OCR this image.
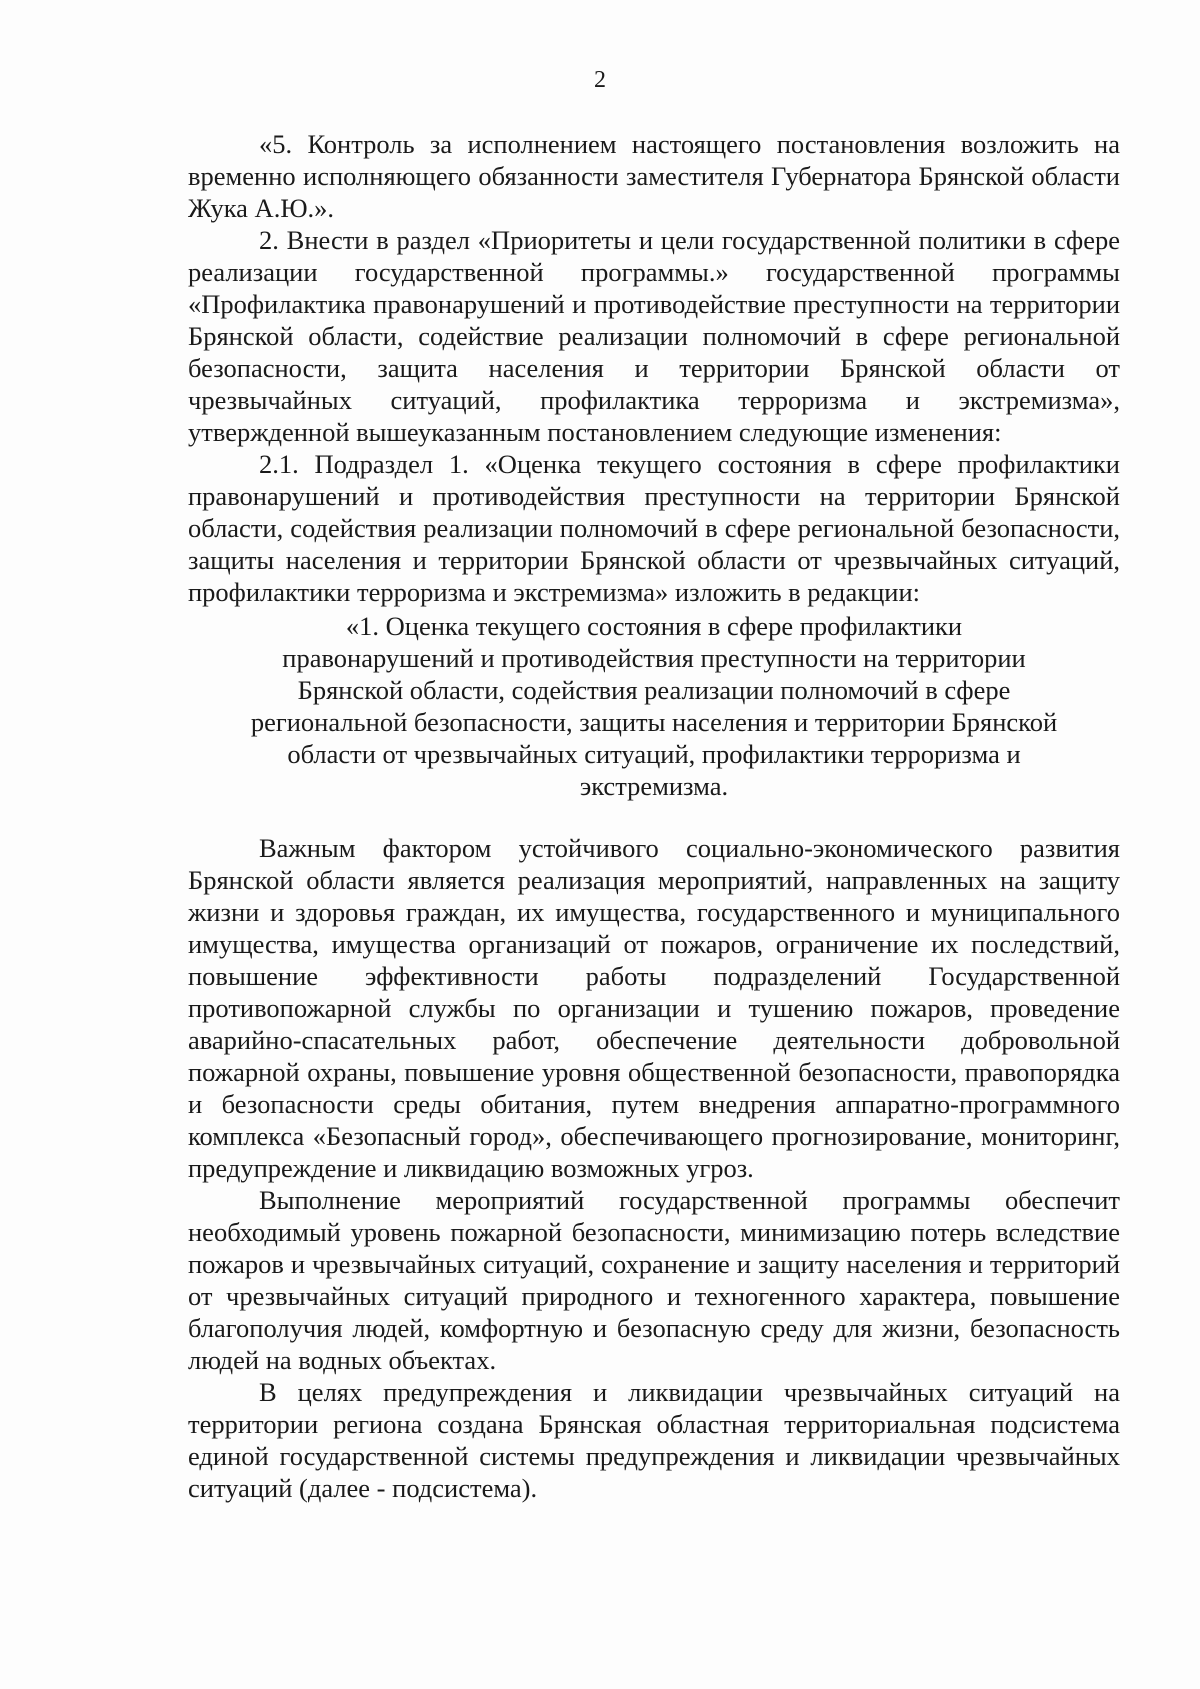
2

«5. Контроль за исполнением настоящего постановления возложить на временно исполняющего обязанности заместителя Губернатора Брянской области Жука А.Ю.».

2. Внести в раздел «Приоритеты и цели государственной политики в сфере реализации государственной программы.» государственной программы «Профилактика правонарушений и противодействие преступности на территории Брянской области, содействие реализации полномочий в сфере региональной безопасности, защита населения и территории Брянской области от чрезвычайных ситуаций, профилактика терроризма и экстремизма», утвержденной вышеуказанным постановлением следующие изменения:

2.1. Подраздел 1. «Оценка текущего состояния в сфере профилактики правонарушений и противодействия преступности на территории Брянской области, содействия реализации полномочий в сфере региональной безопасности, защиты населения и территории Брянской области от чрезвычайных ситуаций, профилактики терроризма и экстремизма» изложить в редакции:

«1. Оценка текущего состояния в сфере профилактики правонарушений и противодействия преступности на территории Брянской области, содействия реализации полномочий в сфере региональной безопасности, защиты населения и территории Брянской области от чрезвычайных ситуаций, профилактики терроризма и экстремизма.

Важным фактором устойчивого социально-экономического развития Брянской области является реализация мероприятий, направленных на защиту жизни и здоровья граждан, их имущества, государственного и муниципального имущества, имущества организаций от пожаров, ограничение их последствий, повышение эффективности работы подразделений Государственной противопожарной службы по организации и тушению пожаров, проведение аварийно-спасательных работ, обеспечение деятельности добровольной пожарной охраны, повышение уровня общественной безопасности, правопорядка и безопасности среды обитания, путем внедрения аппаратно-программного комплекса «Безопасный город», обеспечивающего прогнозирование, мониторинг, предупреждение и ликвидацию возможных угроз.

Выполнение мероприятий государственной программы обеспечит необходимый уровень пожарной безопасности, минимизацию потерь вследствие пожаров и чрезвычайных ситуаций, сохранение и защиту населения и территорий от чрезвычайных ситуаций природного и техногенного характера, повышение благополучия людей, комфортную и безопасную среду для жизни, безопасность людей на водных объектах.

В целях предупреждения и ликвидации чрезвычайных ситуаций на территории региона создана Брянская областная территориальная подсистема единой государственной системы предупреждения и ликвидации чрезвычайных ситуаций (далее - подсистема).
